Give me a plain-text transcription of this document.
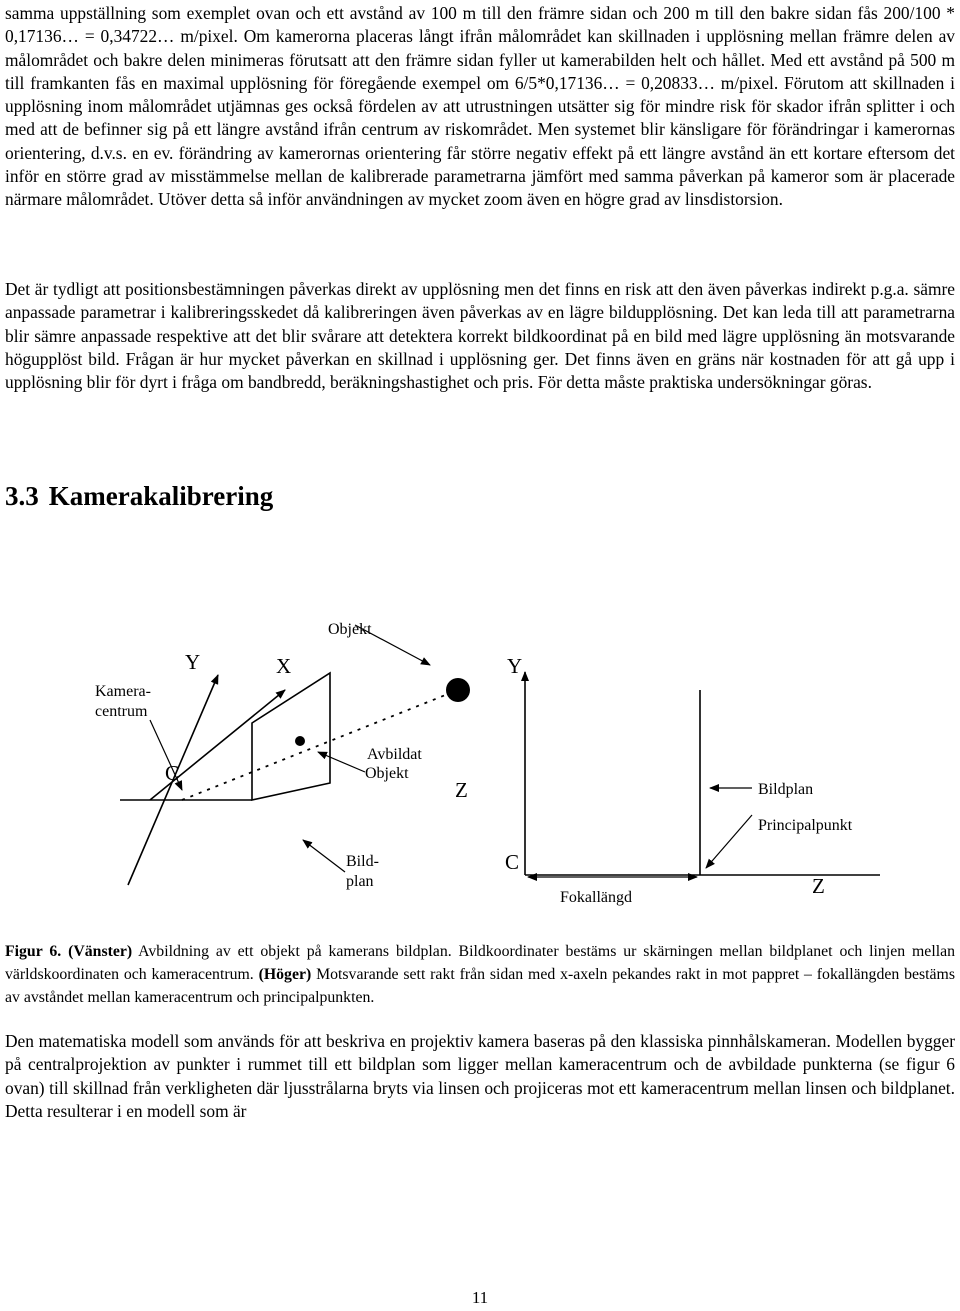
samma uppställning som exemplet ovan och ett avstånd av 100 m till den främre sidan och 200 m till den bakre sidan fås 200/100 * 0,17136… = 0,34722… m/pixel. Om kamerorna placeras långt ifrån målområdet kan skillnaden i upplösning mellan främre delen av målområdet och bakre delen minimeras förutsatt att den främre sidan fyller ut kamerabilden helt och hållet. Med ett avstånd på 500 m till framkanten fås en maximal upplösning för föregående exempel om 6/5*0,17136… = 0,20833… m/pixel. Förutom att skillnaden i upplösning inom målområdet utjämnas ges också fördelen av att utrustningen utsätter sig för mindre risk för skador ifrån splitter i och med att de befinner sig på ett längre avstånd ifrån centrum av riskområdet. Men systemet blir känsligare för förändringar i kamerornas orientering, d.v.s. en ev. förändring av kamerornas orientering får större negativ effekt på ett längre avstånd än ett kortare eftersom det inför en större grad av misstämmelse mellan de kalibrerade parametrarna jämfört med samma påverkan på kameror som är placerade närmare målområdet. Utöver detta så inför användningen av mycket zoom även en högre grad av linsdistorsion.

Det är tydligt att positionsbestämningen påverkas direkt av upplösning men det finns en risk att den även påverkas indirekt p.g.a. sämre anpassade parametrar i kalibreringsskedet då kalibreringen även påverkas av en lägre bildupplösning. Det kan leda till att parametrarna blir sämre anpassade respektive att det blir svårare att detektera korrekt bildkoordinat på en bild med lägre upplösning än motsvarande högupplöst bild. Frågan är hur mycket påverkan en skillnad i upplösning ger. Det finns även en gräns när kostnaden för att gå upp i upplösning blir för dyrt i fråga om bandbredd, beräkningshastighet och pris. För detta måste praktiska undersökningar göras.

3.3 Kamerakalibrering
Objekt
Y	X
Kamera-
centrum
C
Avbildat
Objekt
Z
Bild-
plan
Y
Bildplan
Principalpunkt
C
Z
Fokallängd

Figur 6. (Vänster) Avbildning av ett objekt på kamerans bildplan. Bildkoordinater bestäms ur skärningen mellan bildplanet och linjen mellan världskoordinaten och kameracentrum. (Höger) Motsvarande sett rakt från sidan med x-axeln pekandes rakt in mot pappret – fokallängden bestäms av avståndet mellan kameracentrum och principalpunkten.

Den matematiska modell som används för att beskriva en projektiv kamera baseras på den klassiska pinnhålskameran. Modellen bygger på centralprojektion av punkter i rummet till ett bildplan som ligger mellan kameracentrum och de avbildade punkterna (se figur 6 ovan) till skillnad från verkligheten där ljusstrålarna bryts via linsen och projiceras mot ett kameracentrum mellan linsen och bildplanet. Detta resulterar i en modell som är

11
